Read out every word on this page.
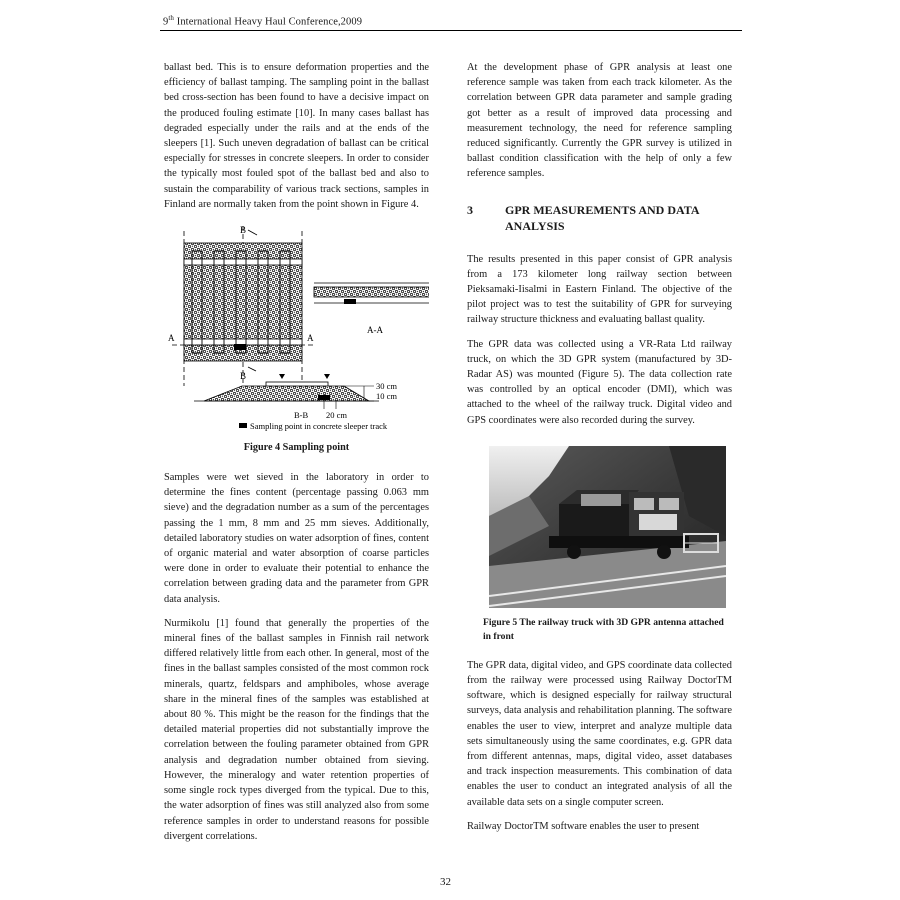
9th International Heavy Haul Conference,2009

ballast bed. This is to ensure deformation properties and the efficiency of ballast tamping. The sampling point in the ballast bed cross-section has been found to have a decisive impact on the produced fouling estimate [10]. In many cases ballast has degraded especially under the rails and at the ends of the sleepers [1]. Such uneven degradation of ballast can be critical especially for stresses in concrete sleepers. In order to consider the typically most fouled spot of the ballast bed and also to sustain the comparability of various track sections, samples in Finland are normally taken from the point shown in Figure 4.

B
A	A
B
A-A
30 cm
10 cm
B-B 20 cm
Sampling point in concrete sleeper track
Figure 4 Sampling point

Samples were wet sieved in the laboratory in order to determine the fines content (percentage passing 0.063 mm sieve) and the degradation number as a sum of the percentages passing the 1 mm, 8 mm and 25 mm sieves. Additionally, detailed laboratory studies on water adsorption of fines, content of organic material and water absorption of coarse particles were done in order to evaluate their potential to enhance the correlation between grading data and the parameter from GPR data analysis.

Nurmikolu [1] found that generally the properties of the mineral fines of the ballast samples in Finnish rail network differed relatively little from each other. In general, most of the fines in the ballast samples consisted of the most common rock minerals, quartz, feldspars and amphiboles, whose average share in the mineral fines of the samples was established at about 80 %. This might be the reason for the findings that the detailed material properties did not substantially improve the correlation between the fouling parameter obtained from GPR analysis and degradation number obtained from sieving. However, the mineralogy and water retention properties of some single rock types diverged from the typical. Due to this, the water adsorption of fines was still analyzed also from some reference samples in order to understand reasons for possible divergent correlations.

At the development phase of GPR analysis at least one reference sample was taken from each track kilometer. As the correlation between GPR data parameter and sample grading got better as a result of improved data processing and measurement technology, the need for reference sampling reduced significantly. Currently the GPR survey is utilized in ballast condition classification with the help of only a few reference samples.

3	GPR MEASUREMENTS AND DATA ANALYSIS

The results presented in this paper consist of GPR analysis from a 173 kilometer long railway section between Pieksamaki-Iisalmi in Eastern Finland. The objective of the pilot project was to test the suitability of GPR for surveying railway structure thickness and evaluating ballast quality.

The GPR data was collected using a VR-Rata Ltd railway truck, on which the 3D GPR system (manufactured by 3D-Radar AS) was mounted (Figure 5). The data collection rate was controlled by an optical encoder (DMI), which was attached to the wheel of the railway truck. Digital video and GPS coordinates were also recorded during the survey.

Figure 5 The railway truck with 3D GPR antenna attached in front

The GPR data, digital video, and GPS coordinate data collected from the railway were processed using Railway DoctorTM software, which is designed especially for railway structural surveys, data analysis and rehabilitation planning. The software enables the user to view, interpret and analyze multiple data sets simultaneously using the same coordinates, e.g. GPR data from different antennas, maps, digital video, asset databases and track inspection measurements. This combination of data enables the user to conduct an integrated analysis of all the available data sets on a single computer screen.

Railway DoctorTM software enables the user to present

32
